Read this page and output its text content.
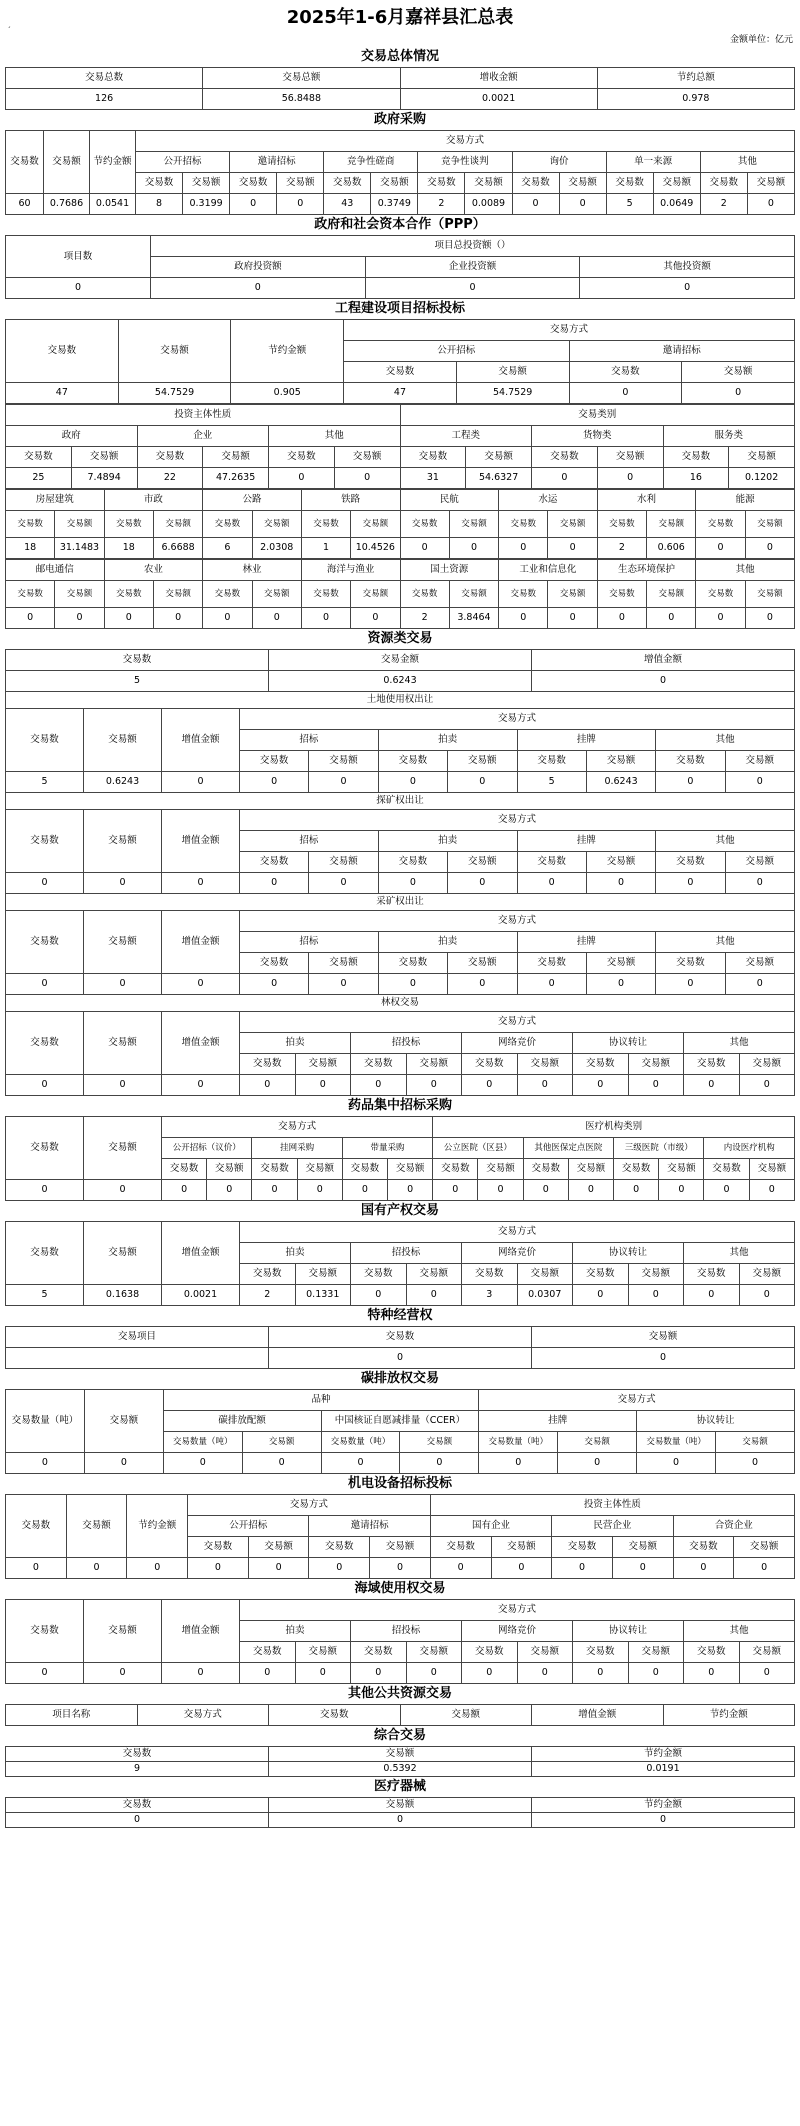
ˊ
2025年1-6月嘉祥县汇总表
金额单位：亿元
交易总体情况
交易总数	交易总额	增收金额	节约总额
126	56.8488	0.0021	0.978
政府采购
交易数	交易额	节约金额	交易方式													
			公开招标		邀请招标		竞争性磋商		竞争性谈判		询价		单一来源		其他	
			交易数	交易额	交易数	交易额	交易数	交易额	交易数	交易额	交易数	交易额	交易数	交易额	交易数	交易额
60	0.7686	0.0541	8	0.3199	0	0	43	0.3749	2	0.0089	0	0	5	0.0649	2	0
政府和社会资本合作（PPP）
项目数	项目总投资额（）		
	政府投资额	企业投资额	其他投资额
0	0	0	0
工程建设项目招标投标
交易数	交易额	节约金额	交易方式			
			公开招标		邀请招标	
			交易数	交易额	交易数	交易额
47	54.7529	0.905	47	54.7529	0	0
投资主体性质						交易类别					
政府		企业		其他		工程类		货物类		服务类	
交易数	交易额	交易数	交易额	交易数	交易额	交易数	交易额	交易数	交易额	交易数	交易额
25	7.4894	22	47.2635	0	0	31	54.6327	0	0	16	0.1202
房屋建筑		市政		公路		铁路		民航		水运		水利		能源	
交易数	交易额	交易数	交易额	交易数	交易额	交易数	交易额	交易数	交易额	交易数	交易额	交易数	交易额	交易数	交易额
18	31.1483	18	6.6688	6	2.0308	1	10.4526	0	0	0	0	2	0.606	0	0
邮电通信		农业		林业		海洋与渔业		国土资源		工业和信息化		生态环境保护		其他	
交易数	交易额	交易数	交易额	交易数	交易额	交易数	交易额	交易数	交易额	交易数	交易额	交易数	交易额	交易数	交易额
0	0	0	0	0	0	0	0	2	3.8464	0	0	0	0	0	0
资源类交易
交易数	交易金额	增值金额
5	0.6243	0
土地使用权出让
交易数	交易额	增值金额	交易方式							
			招标		拍卖		挂牌		其他	
			交易数	交易额	交易数	交易额	交易数	交易额	交易数	交易额
5	0.6243	0	0	0	0	0	5	0.6243	0	0
探矿权出让
交易数	交易额	增值金额	交易方式							
			招标		拍卖		挂牌		其他	
			交易数	交易额	交易数	交易额	交易数	交易额	交易数	交易额
0	0	0	0	0	0	0	0	0	0	0
采矿权出让
交易数	交易额	增值金额	交易方式							
			招标		拍卖		挂牌		其他	
			交易数	交易额	交易数	交易额	交易数	交易额	交易数	交易额
0	0	0	0	0	0	0	0	0	0	0
林权交易
交易数	交易额	增值金额	交易方式									
			拍卖		招投标		网络竞价		协议转让		其他	
			交易数	交易额	交易数	交易额	交易数	交易额	交易数	交易额	交易数	交易额
0	0	0	0	0	0	0	0	0	0	0	0	0
药品集中招标采购
交易数	交易额	交易方式						医疗机构类别							
		公开招标（议价）		挂网采购		带量采购		公立医院（区县）		其他医保定点医院		三级医院（市级）		内设医疗机构	
		交易数	交易额	交易数	交易额	交易数	交易额	交易数	交易额	交易数	交易额	交易数	交易额	交易数	交易额
0	0	0	0	0	0	0	0	0	0	0	0	0	0	0	0
国有产权交易
交易数	交易额	增值金额	交易方式									
			拍卖		招投标		网络竞价		协议转让		其他	
			交易数	交易额	交易数	交易额	交易数	交易额	交易数	交易额	交易数	交易额
5	0.1638	0.0021	2	0.1331	0	0	3	0.0307	0	0	0	0
特种经营权
交易项目	交易数	交易额
	0	0
碳排放权交易
交易数量（吨）	交易额	品种				交易方式			
		碳排放配额		中国核证自愿减排量（CCER）		挂牌		协议转让	
		交易数量（吨）	交易额	交易数量（吨）	交易额	交易数量（吨）	交易额	交易数量（吨）	交易额
0	0	0	0	0	0	0	0	0	0
机电设备招标投标
交易数	交易额	节约金额	交易方式				投资主体性质					
			公开招标		邀请招标		国有企业		民营企业		合资企业	
			交易数	交易额	交易数	交易额	交易数	交易额	交易数	交易额	交易数	交易额
0	0	0	0	0	0	0	0	0	0	0	0	0
海域使用权交易
交易数	交易额	增值金额	交易方式									
			拍卖		招投标		网络竞价		协议转让		其他	
			交易数	交易额	交易数	交易额	交易数	交易额	交易数	交易额	交易数	交易额
0	0	0	0	0	0	0	0	0	0	0	0	0
其他公共资源交易
项目名称	交易方式	交易数	交易额	增值金额	节约金额
综合交易
交易数	交易额	节约金额
9	0.5392	0.0191
医疗器械
交易数	交易额	节约金额
0	0	0
